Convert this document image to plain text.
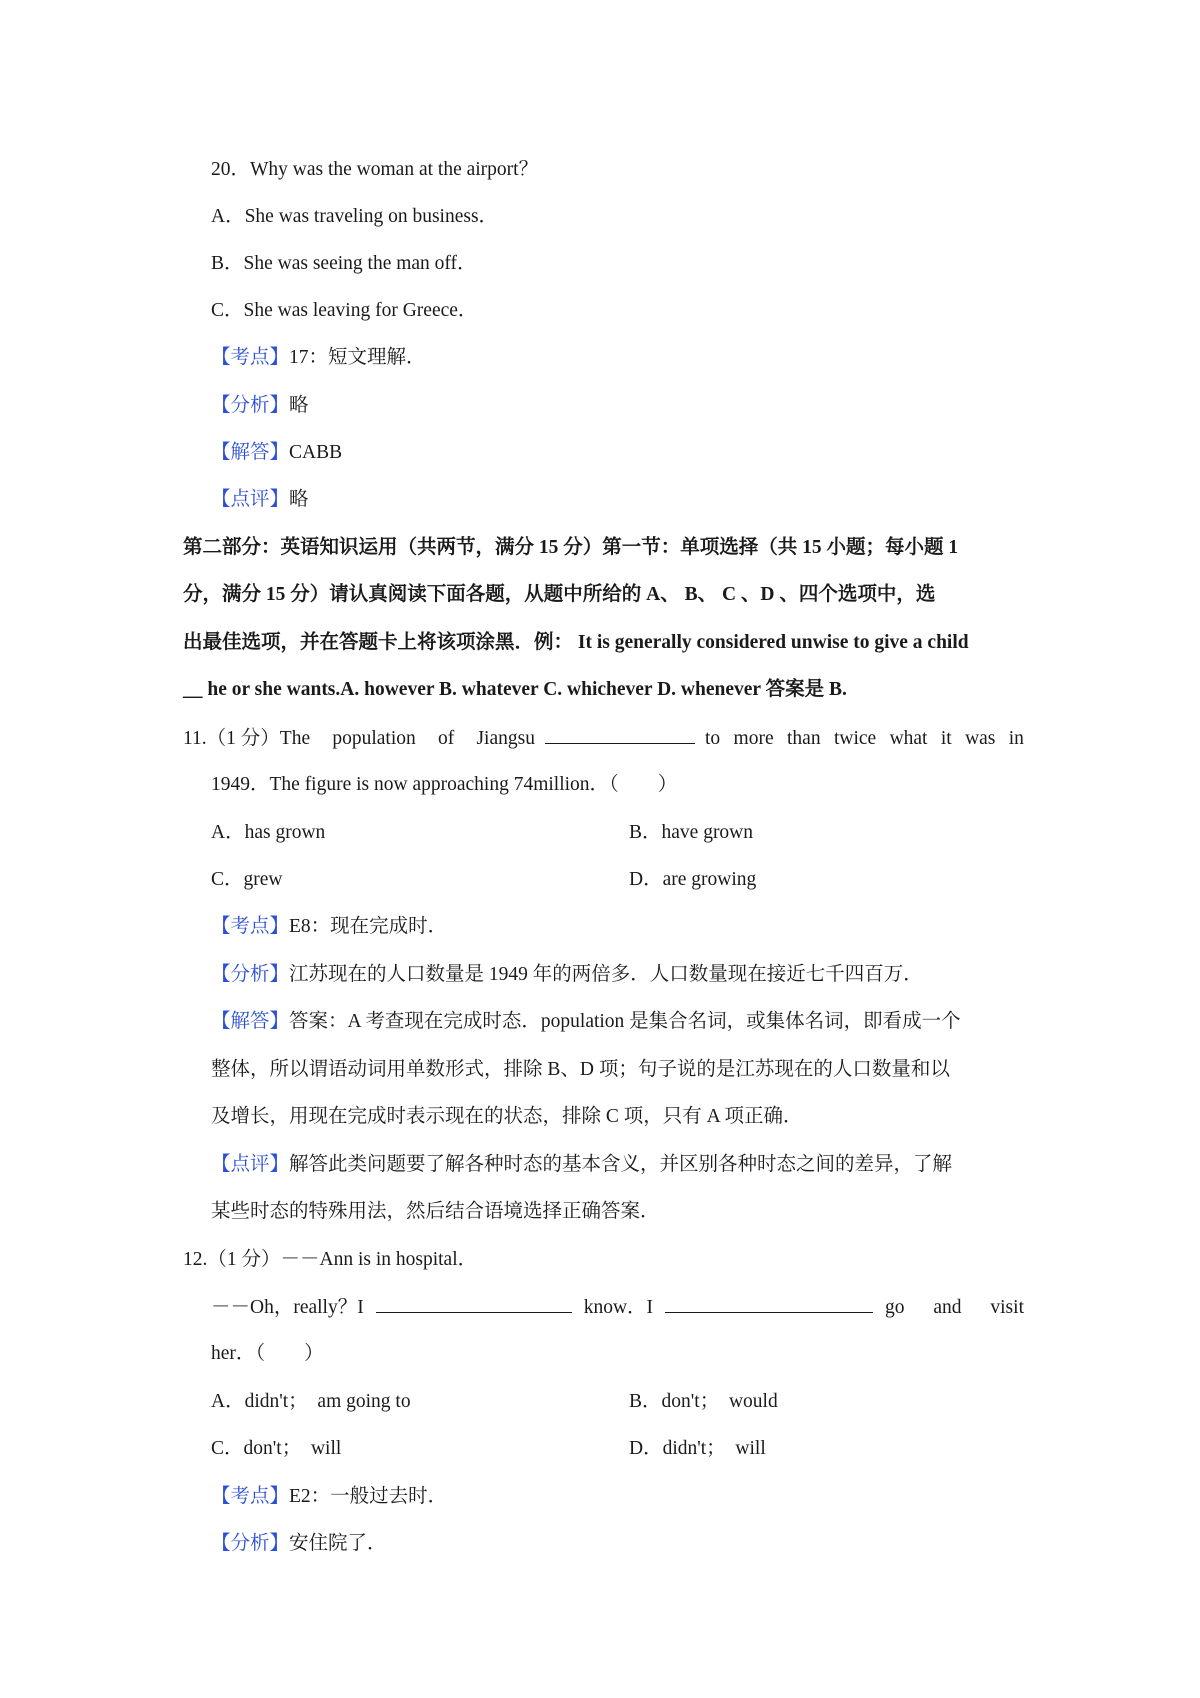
20．Why was the woman at the airport？
A．She was traveling on business．
B．She was seeing the man off．
C．She was leaving for Greece．
【考点】17：短文理解．
【分析】略
【解答】CABB
【点评】略
第二部分：英语知识运用（共两节，满分 15 分）第一节：单项选择（共 15 小题；每小题 1
分，满分 15 分）请认真阅读下面各题，从题中所给的 A、 B、 C 、D 、四个选项中，选
出最佳选项，并在答题卡上将该项涂黑．例： It is generally considered unwise to give a child
__ he or she wants.A. however B. whatever C. whichever D. whenever 答案是 B.
11.（1 分）The population of Jiangsu	to more than twice what it was in
1949．The figure is now approaching 74million．（　　）
A．has grown	B．have grown
C．grew	D．are growing
【考点】E8：现在完成时．
【分析】江苏现在的人口数量是 1949 年的两倍多．人口数量现在接近七千四百万．
【解答】答案：A 考查现在完成时态．population 是集合名词，或集体名词，即看成一个
整体，所以谓语动词用单数形式，排除 B、D 项；句子说的是江苏现在的人口数量和以
及增长，用现在完成时表示现在的状态，排除 C 项，只有 A 项正确．
【点评】解答此类问题要了解各种时态的基本含义，并区别各种时态之间的差异，了解
某些时态的特殊用法，然后结合语境选择正确答案．
12.（1 分）－－Ann is in hospital．
－－Oh，really？I	know．I	go and visit
her．（　　）
A．didn't；　am going to	B．don't；　would
C．don't；　will	D．didn't；　will
【考点】E2：一般过去时．
【分析】安住院了．
